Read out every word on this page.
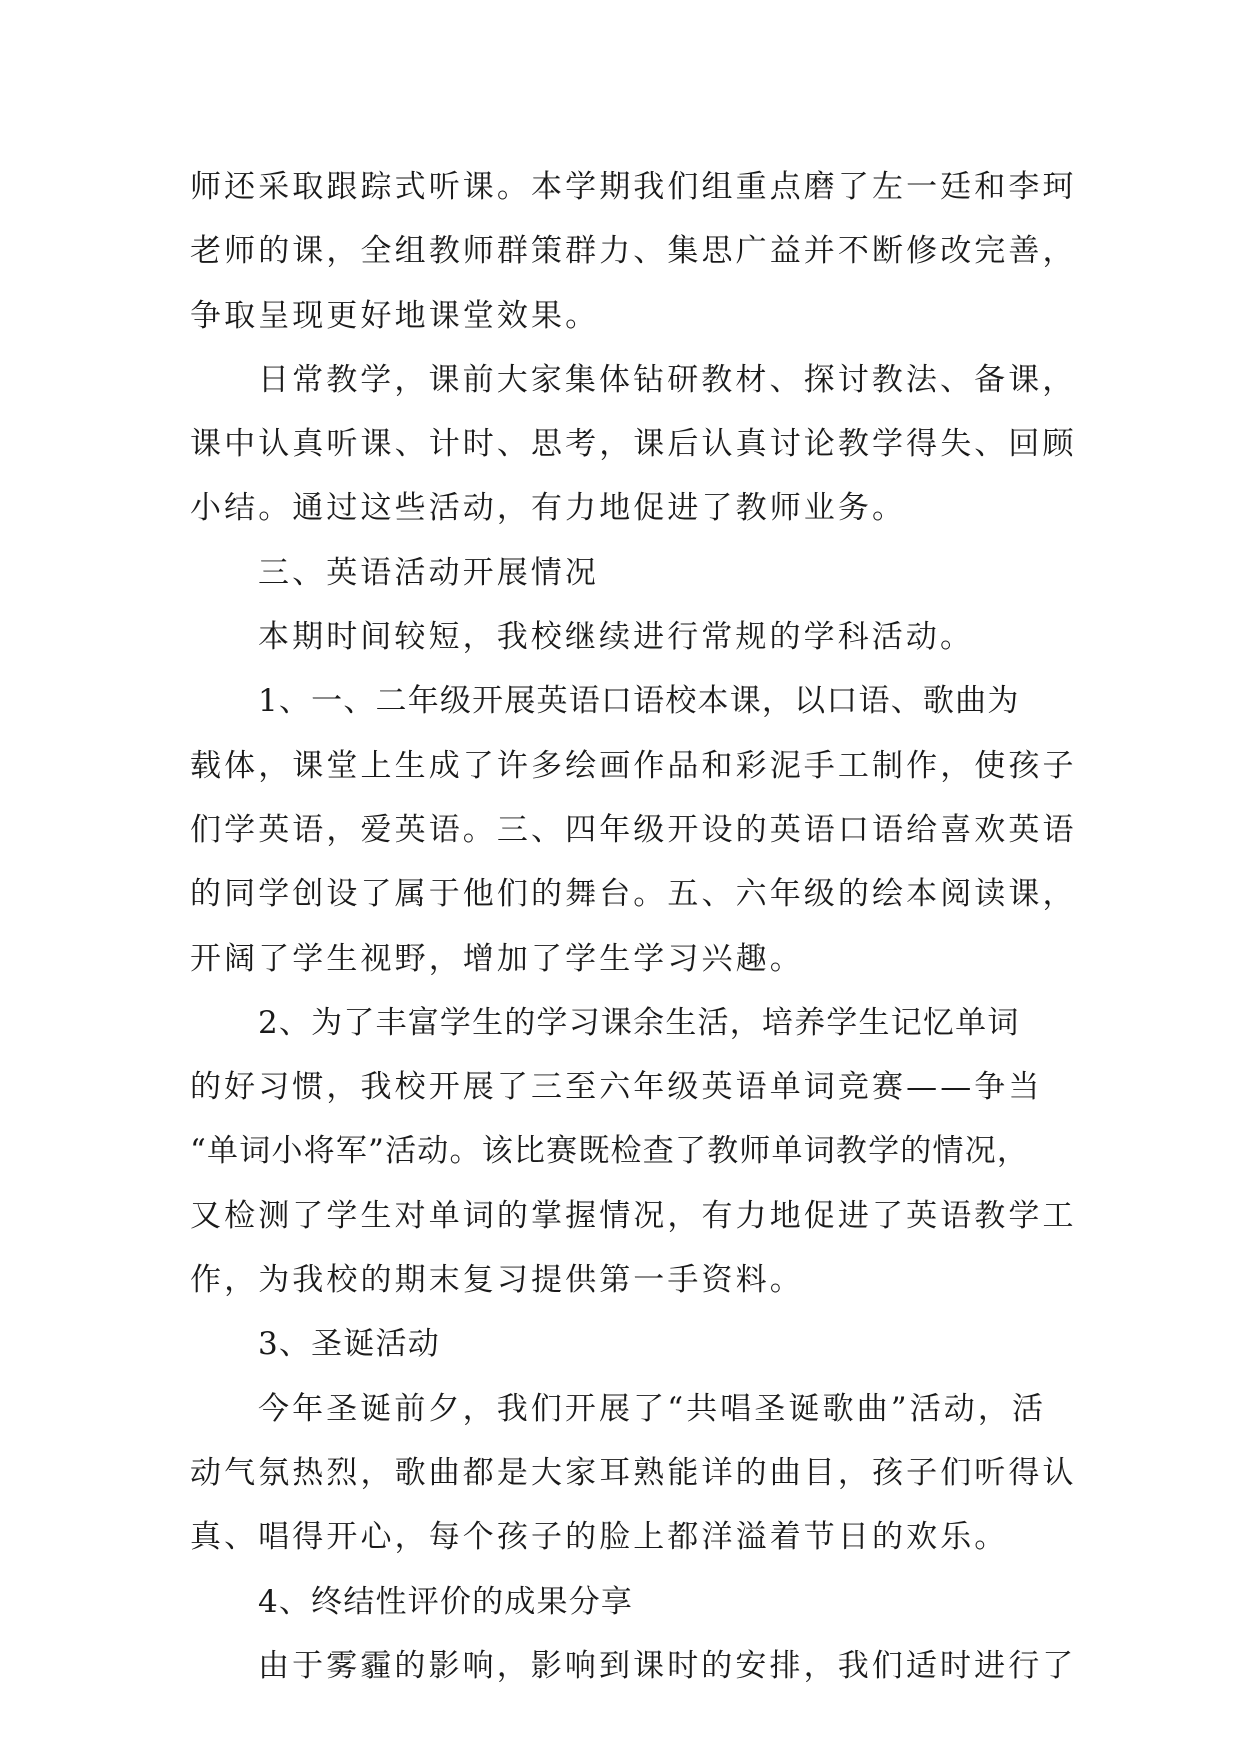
师还采取跟踪式听课。本学期我们组重点磨了左一廷和李珂
老师的课，全组教师群策群力、集思广益并不断修改完善，
争取呈现更好地课堂效果。
日常教学，课前大家集体钻研教材、探讨教法、备课，
课中认真听课、计时、思考，课后认真讨论教学得失、回顾
小结。通过这些活动，有力地促进了教师业务。
三、英语活动开展情况
本期时间较短，我校继续进行常规的学科活动。
1、一、二年级开展英语口语校本课，以口语、歌曲为
载体，课堂上生成了许多绘画作品和彩泥手工制作，使孩子
们学英语，爱英语。三、四年级开设的英语口语给喜欢英语
的同学创设了属于他们的舞台。五、六年级的绘本阅读课，
开阔了学生视野，增加了学生学习兴趣。
2、为了丰富学生的学习课余生活，培养学生记忆单词
的好习惯，我校开展了三至六年级英语单词竞赛——争当
“单词小将军”活动。该比赛既检查了教师单词教学的情况，
又检测了学生对单词的掌握情况，有力地促进了英语教学工
作，为我校的期末复习提供第一手资料。
3、圣诞活动
今年圣诞前夕，我们开展了“共唱圣诞歌曲”活动，活
动气氛热烈，歌曲都是大家耳熟能详的曲目，孩子们听得认
真、唱得开心，每个孩子的脸上都洋溢着节日的欢乐。
4、终结性评价的成果分享
由于雾霾的影响，影响到课时的安排，我们适时进行了
